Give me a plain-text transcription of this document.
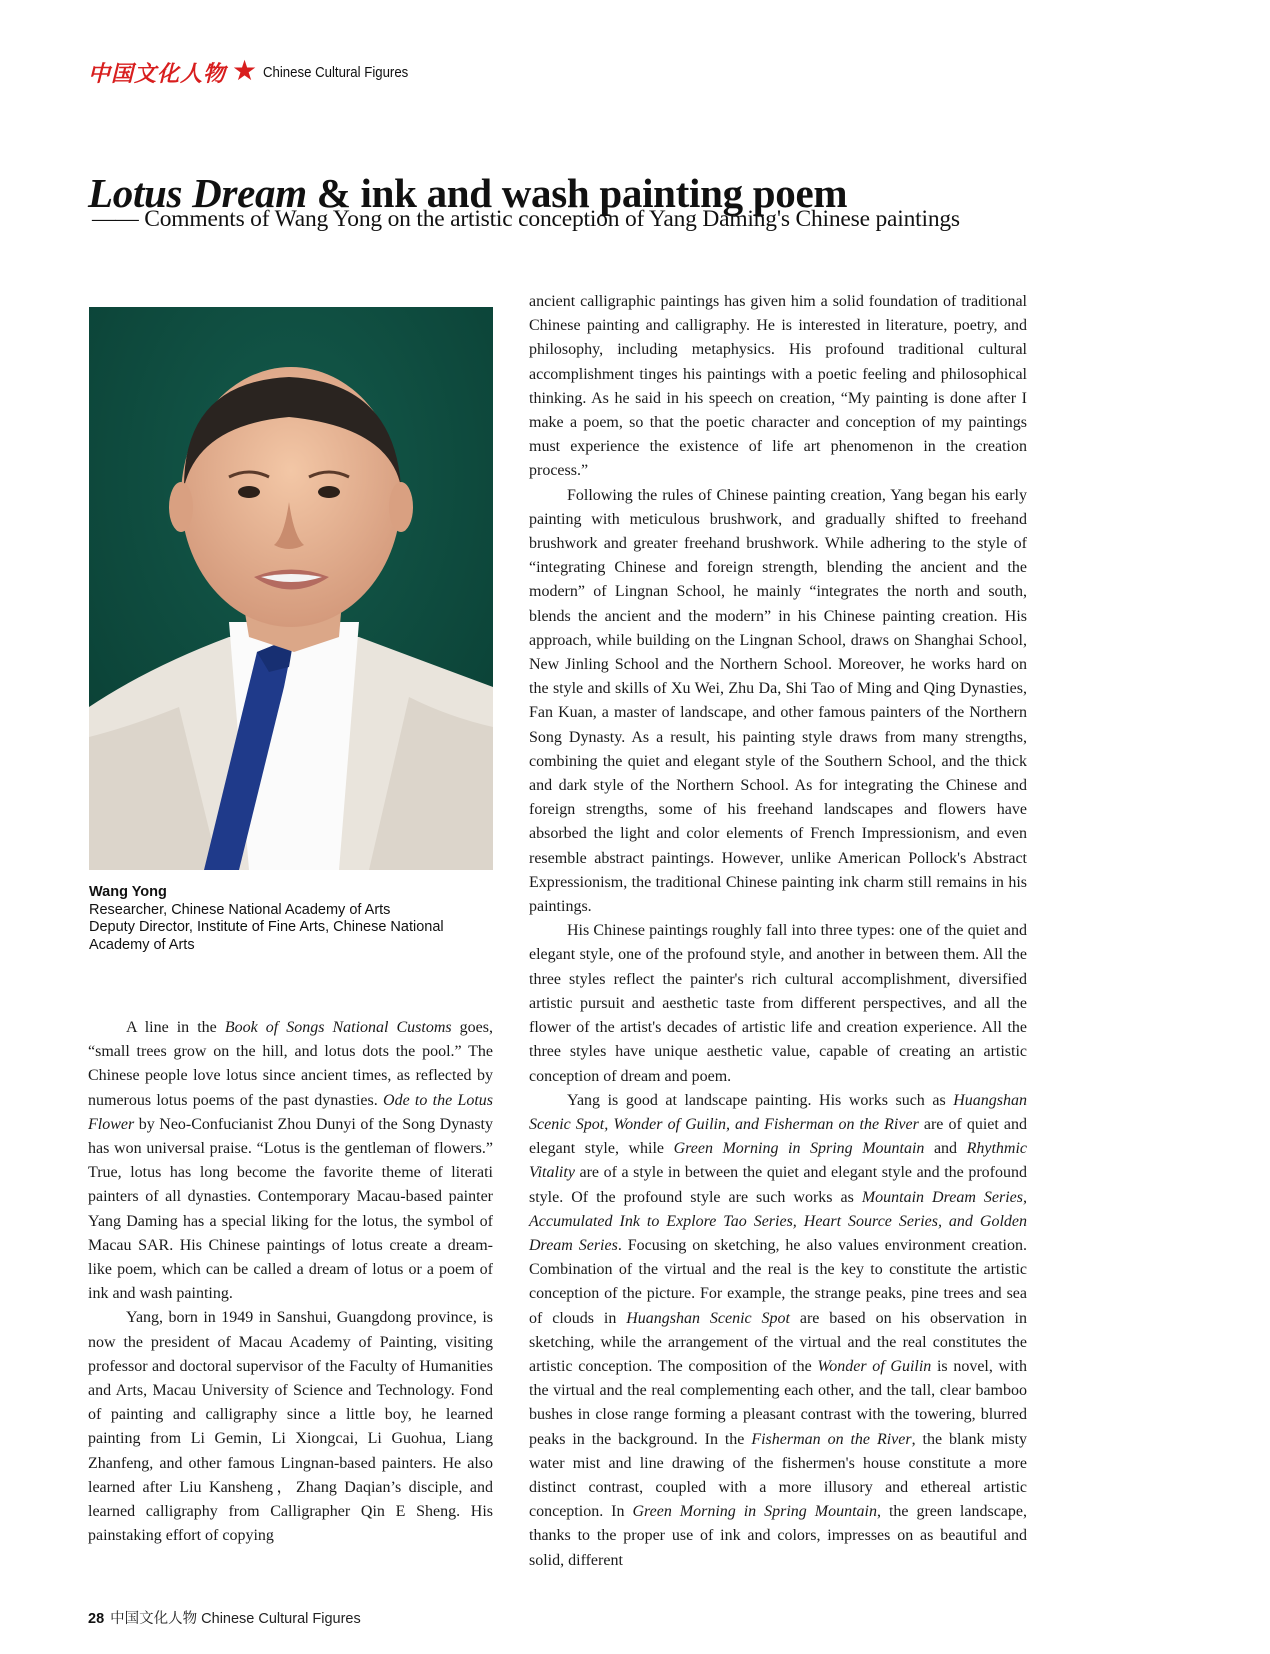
中国文化人物 ★ Chinese Cultural Figures
Lotus Dream & ink and wash painting poem
—— Comments of Wang Yong on the artistic conception of Yang Daming's Chinese paintings
Wang Yong
Researcher, Chinese National Academy of Arts
Deputy Director, Institute of Fine Arts, Chinese National Academy of Arts

A line in the Book of Songs National Customs goes, “small trees grow on the hill, and lotus dots the pool.” The Chinese people love lotus since ancient times, as reflected by numerous lotus poems of the past dynasties. Ode to the Lotus Flower by Neo-Confucianist Zhou Dunyi of the Song Dynasty has won universal praise. “Lotus is the gentleman of flowers.” True, lotus has long become the favorite theme of literati painters of all dynasties. Contemporary Macau-based painter Yang Daming has a special liking for the lotus, the symbol of Macau SAR. His Chinese paintings of lotus create a dream-like poem, which can be called a dream of lotus or a poem of ink and wash painting.

Yang, born in 1949 in Sanshui, Guangdong province, is now the president of Macau Academy of Painting, visiting professor and doctoral supervisor of the Faculty of Humanities and Arts, Macau University of Science and Technology. Fond of painting and calligraphy since a little boy, he learned painting from Li Gemin, Li Xiongcai, Li Guohua, Liang Zhanfeng, and other famous Lingnan-based painters. He also learned after Liu Kansheng，Zhang Daqian’s disciple, and learned calligraphy from Calligrapher Qin E Sheng. His painstaking effort of copying

ancient calligraphic paintings has given him a solid foundation of traditional Chinese painting and calligraphy. He is interested in literature, poetry, and philosophy, including metaphysics. His profound traditional cultural accomplishment tinges his paintings with a poetic feeling and philosophical thinking. As he said in his speech on creation, “My painting is done after I make a poem, so that the poetic character and conception of my paintings must experience the existence of life art phenomenon in the creation process.”

Following the rules of Chinese painting creation, Yang began his early painting with meticulous brushwork, and gradually shifted to freehand brushwork and greater freehand brushwork. While adhering to the style of “integrating Chinese and foreign strength, blending the ancient and the modern” of Lingnan School, he mainly “integrates the north and south, blends the ancient and the modern” in his Chinese painting creation. His approach, while building on the Lingnan School, draws on Shanghai School, New Jinling School and the Northern School. Moreover, he works hard on the style and skills of Xu Wei, Zhu Da, Shi Tao of Ming and Qing Dynasties, Fan Kuan, a master of landscape, and other famous painters of the Northern Song Dynasty. As a result, his painting style draws from many strengths, combining the quiet and elegant style of the Southern School, and the thick and dark style of the Northern School. As for integrating the Chinese and foreign strengths, some of his freehand landscapes and flowers have absorbed the light and color elements of French Impressionism, and even resemble abstract paintings. However, unlike American Pollock's Abstract Expressionism, the traditional Chinese painting ink charm still remains in his paintings.

His Chinese paintings roughly fall into three types: one of the quiet and elegant style, one of the profound style, and another in between them. All the three styles reflect the painter's rich cultural accomplishment, diversified artistic pursuit and aesthetic taste from different perspectives, and all the flower of the artist's decades of artistic life and creation experience. All the three styles have unique aesthetic value, capable of creating an artistic conception of dream and poem.

Yang is good at landscape painting. His works such as Huangshan Scenic Spot, Wonder of Guilin, and Fisherman on the River are of quiet and elegant style, while Green Morning in Spring Mountain and Rhythmic Vitality are of a style in between the quiet and elegant style and the profound style. Of the profound style are such works as Mountain Dream Series, Accumulated Ink to Explore Tao Series, Heart Source Series, and Golden Dream Series. Focusing on sketching, he also values environment creation. Combination of the virtual and the real is the key to constitute the artistic conception of the picture. For example, the strange peaks, pine trees and sea of clouds in Huangshan Scenic Spot are based on his observation in sketching, while the arrangement of the virtual and the real constitutes the artistic conception. The composition of the Wonder of Guilin is novel, with the virtual and the real complementing each other, and the tall, clear bamboo bushes in close range forming a pleasant contrast with the towering, blurred peaks in the background. In the Fisherman on the River, the blank misty water mist and line drawing of the fishermen's house constitute a more distinct contrast, coupled with a more illusory and ethereal artistic conception. In Green Morning in Spring Mountain, the green landscape, thanks to the proper use of ink and colors, impresses on as beautiful and solid, different

28 中国文化人物 Chinese Cultural Figures
